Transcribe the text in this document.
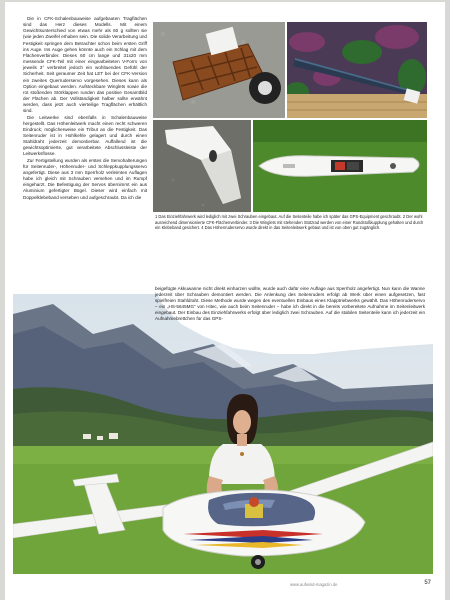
Die in CFK-Schalenbauweise aufgebauten Tragflächen sind das Herz dieses Modells. Mit einem Gewichtsunterschied von etwas mehr als 60 g sollten sie (wie jeden Zweifel erhaben sein. Die solide Verarbeitung und Festigkeit springen dem Betrachter schon beim ersten Griff ins Auge. Ins Auge gehen könnte auch ein Schlag mit dem Flächenverbinder. Dieses 60 cm lange und 31x20 mm messende CFK-Teil mit einer eingearbeiteten V-Form von jeweils 3° verbreitet jedoch ein wohltuendes Gefühl der Sicherheit. Seit geraumer Zeit hat LET bei der CFK-Version ein zweites Querruderservo vorgesehen. Dieses kann als Option eingebaut werden. Aufsteckbare Winglets sowie die rot stoßenden Störklappen runden das positive Gesamtbild der Flächen ab. Der Vollständigkeit halber sollte erwähnt werden, dass jetzt auch vierteilige Tragflächen erhältlich sind.

Die Leitwerke sind ebenfalls in Schalenbauweise hergestellt. Das Höhenleitwerk macht einen recht schweren Eindruck; möglicherweise ein Tribut an die Festigkeit. Das Seitenruder ist in Hohlkehle gelagert und durch einen Stahldraht jederzeit demontierbar. Auffallend ist die gewichtsoptimierte, gut verarbeitete Abschlussleiste der Leitwerksflosse.

Zur Fertigstellung wurden als erstes die Servohalterungen für Seitenruder-, Höhenruder- und Schleppkupplungsservo angefertigt. Diese aus 3 mm Sperrholz verleimten Auflagen habe ich gleich mit Schrauben versehen und im Rumpf eingeharzt. Die Befestigung der Servos übernimmt ein aus Aluminium gefertigter Bügel. Dieser wird einfach mit Doppelklebeband verseben und aufgeschraubt. Da ich die

1 Das Einziehfahrwerk wird lediglich mit zwei Schrauben eingebaut. Auf die Seitenteile habe ich später das GPS-Equipment geschraubt. 2 Der wohl ausreichend dimensionierte CFK-Flächenverbinder. 3 Die Winglets mit stehenden Stützrad werden von einer Rundstoßkupplung gehalten und durch ein Klebeband gesichert. 4 Das Höhenruderservo wurde direkt in das Seitenleitwerk gebaut und ist von oben gut zugänglich.

beigefügte Akkuwanne nicht direkt einharzen wollte, wurde auch dafür eine Auflage aus Sperrholz angefertigt. Nun kann die Wanne jederzeit über Schrauben demontiert werden. Die Anlenkung des Seitenruders erfolgt ab Werk über einen aufgesetzen, fast spielfreien Stahldraht. Diese Methode wurde wegen des eventuellen Einbaus eines Klapptriebwerks gewählt. Das Höhenruderservo – ein „HS-5645MG“ von Hitec, wie auch beim Seitenruder – habe ich direkt in die bereits vorbereitete Aufnahme im Seitenleitwerk eingebaut. Der Einbau des Einziehfahrwerks erfolgt über lediglich zwei Schrauben. Auf die stabilen Seitenteile kann ich jederzeit ein Aufnahmebrettchen für das GPS-

www.aufwind-magazin.de	57
